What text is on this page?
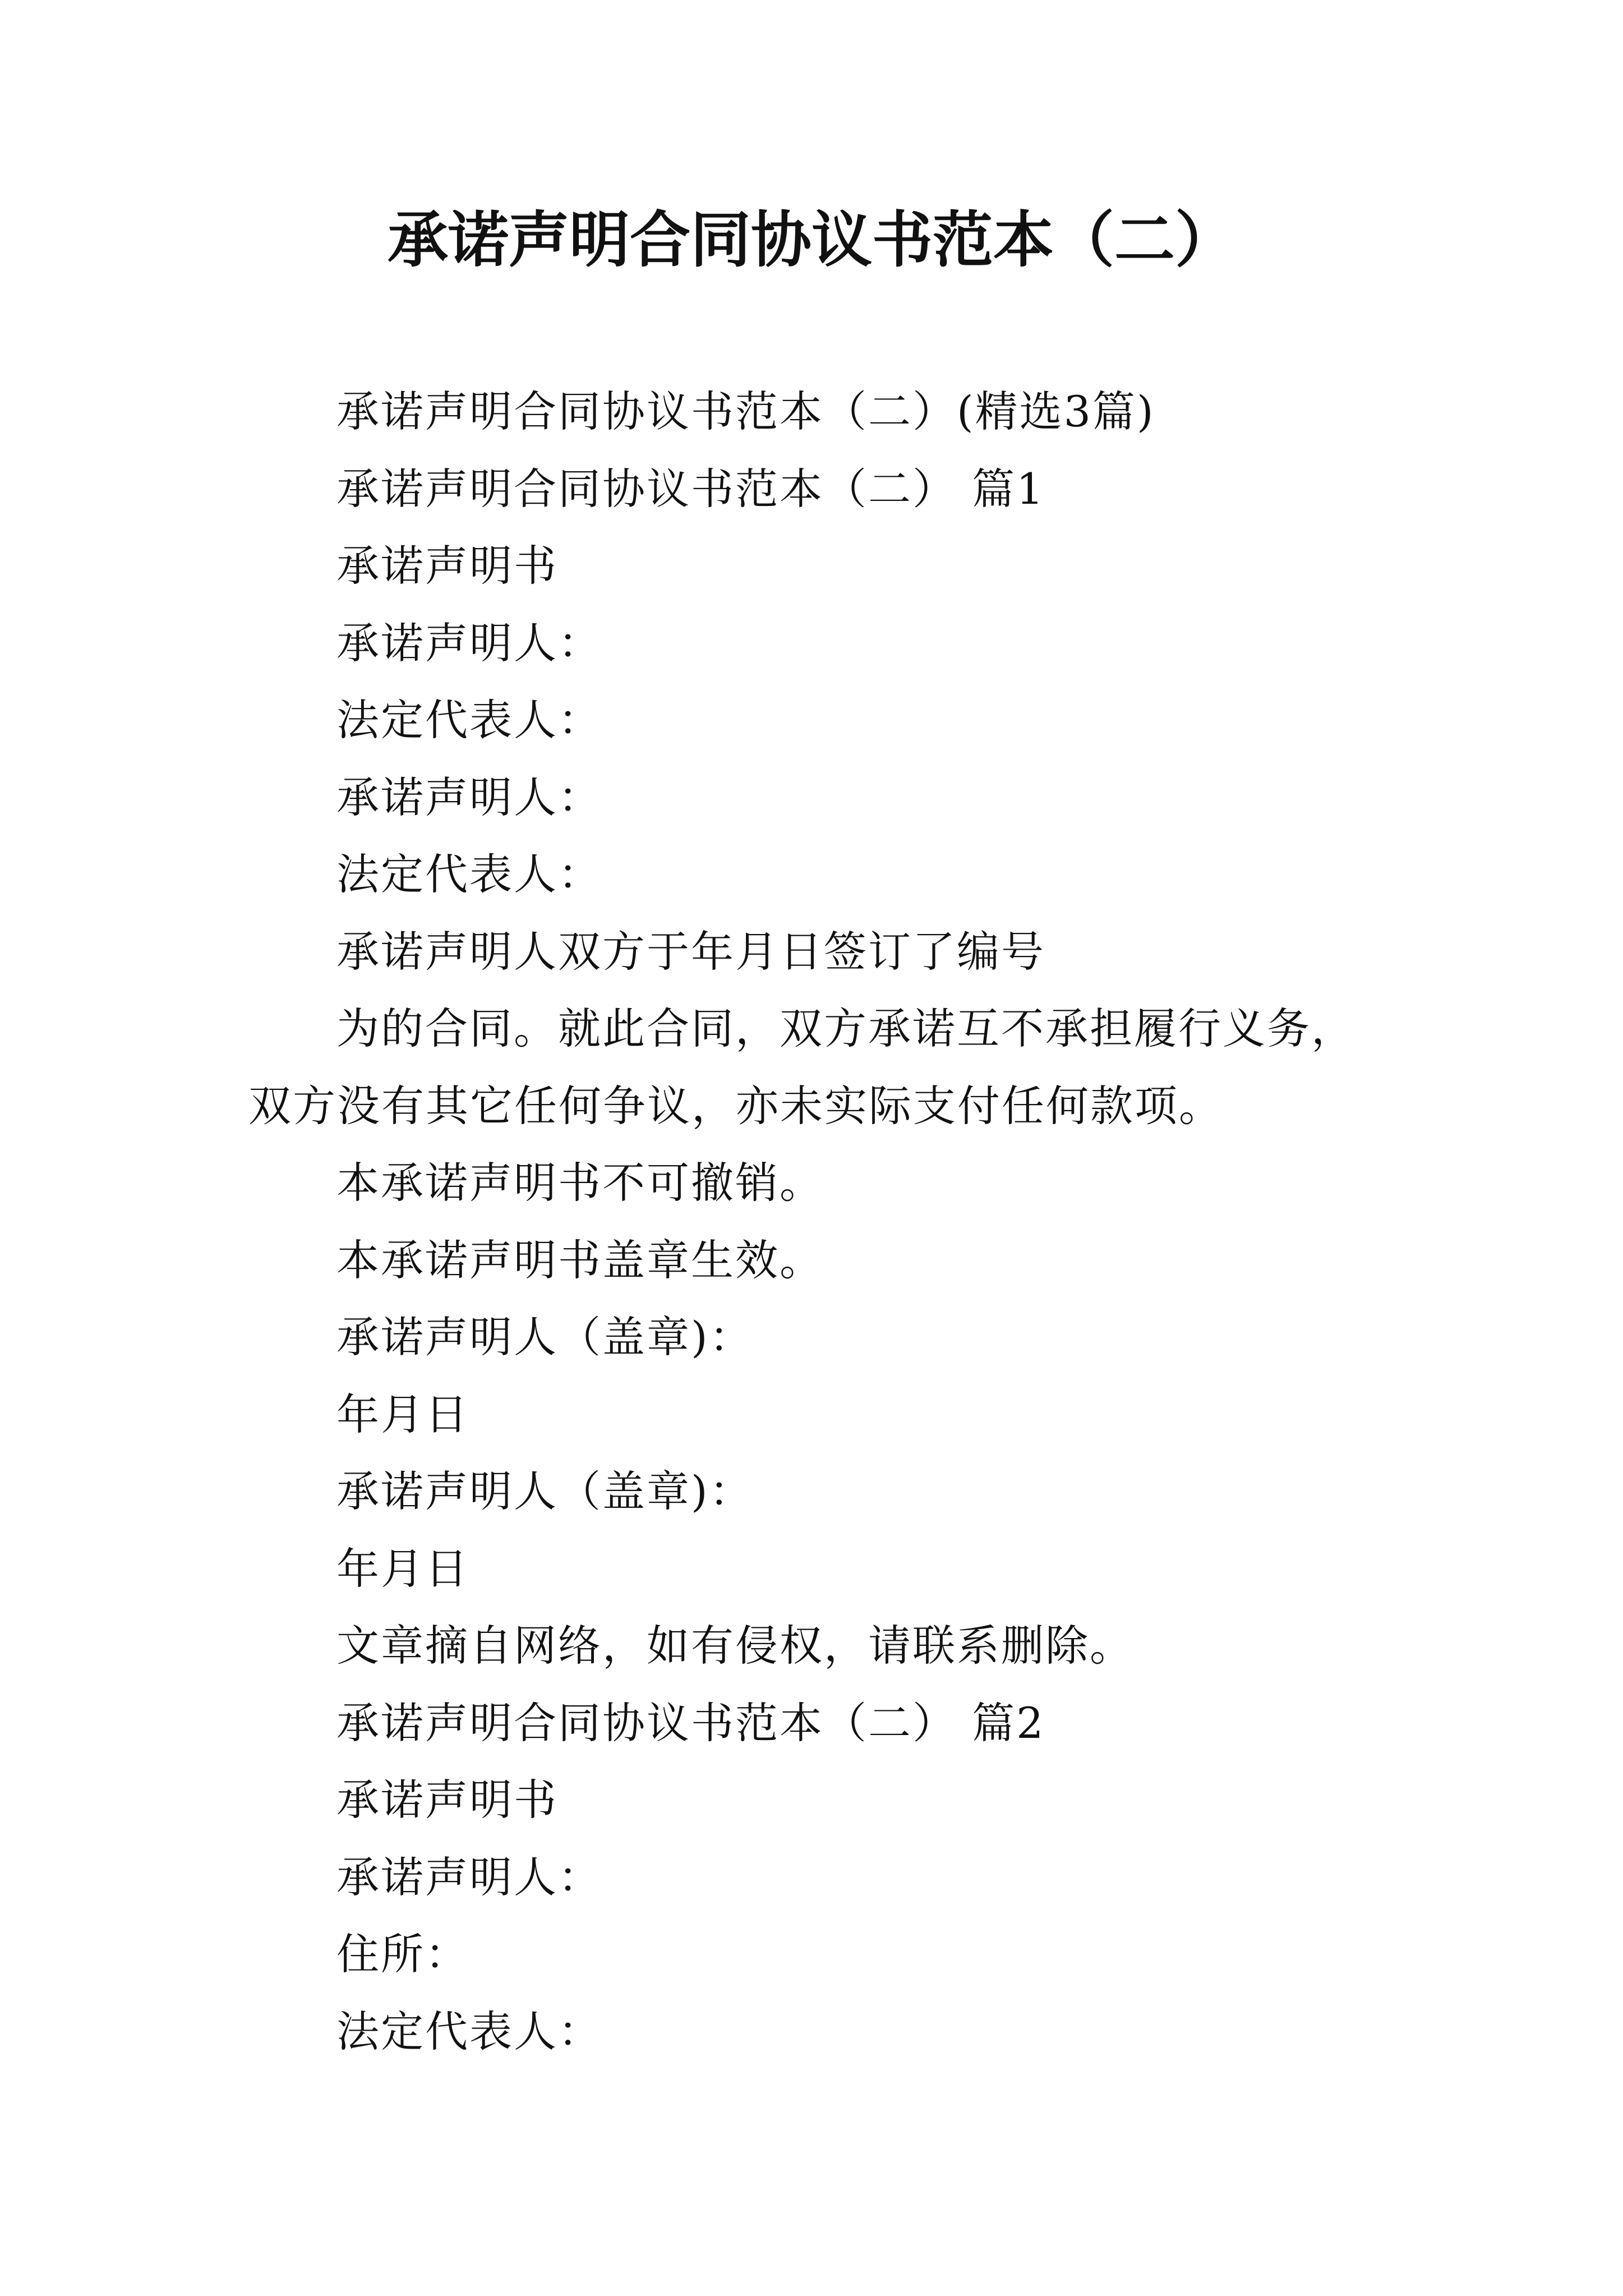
承诺声明合同协议书范本（二）

承诺声明合同协议书范本（二）(精选3篇)

承诺声明合同协议书范本（二） 篇1

承诺声明书

承诺声明人：

法定代表人：

承诺声明人：

法定代表人：

承诺声明人双方于年月日签订了编号

为的合同。就此合同，双方承诺互不承担履行义务，双方没有其它任何争议，亦未实际支付任何款项。

本承诺声明书不可撤销。

本承诺声明书盖章生效。

承诺声明人（盖章)：

年月日

承诺声明人（盖章)：

年月日

文章摘自网络，如有侵权，请联系删除。

承诺声明合同协议书范本（二） 篇2

承诺声明书

承诺声明人：

住所：

法定代表人：
